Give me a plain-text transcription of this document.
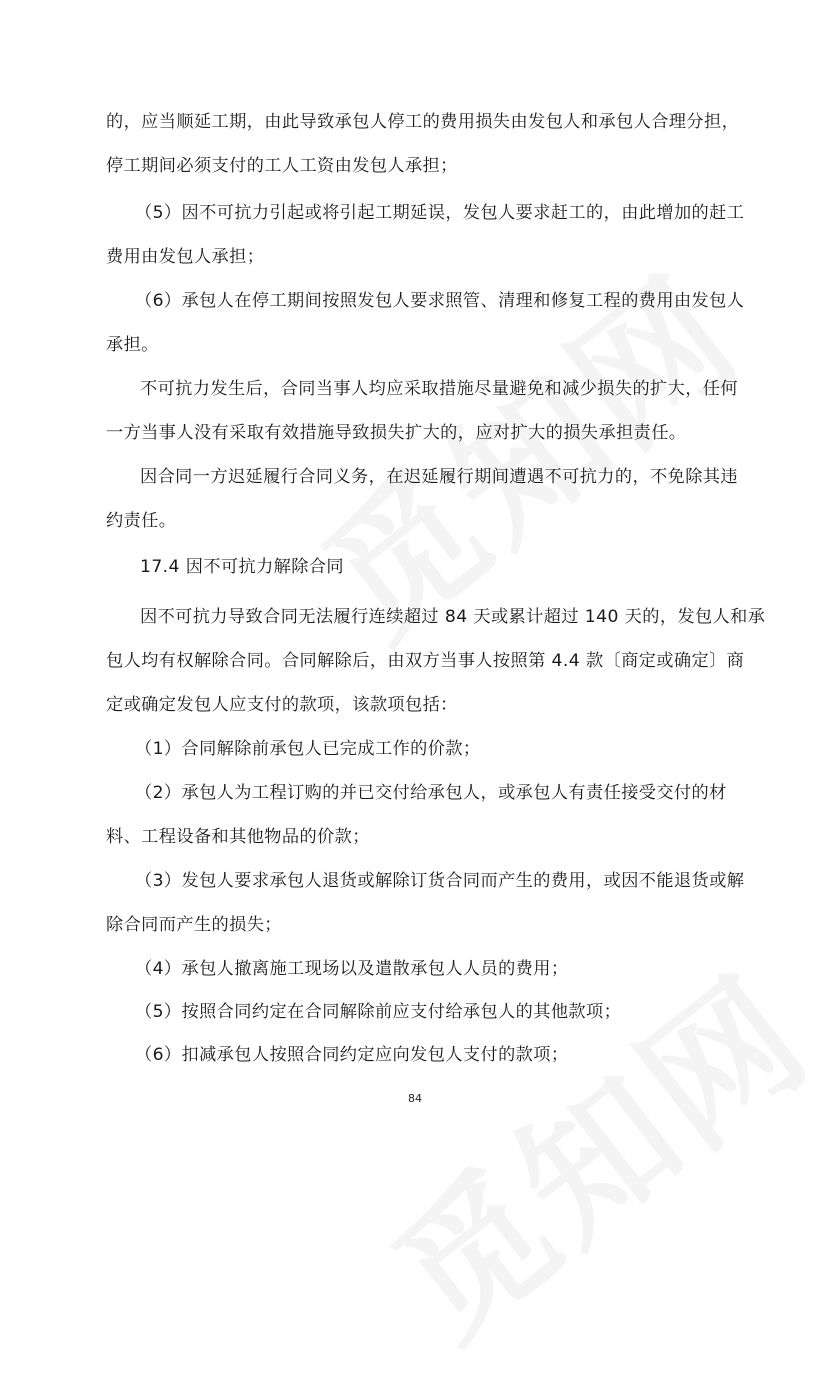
的，应当顺延工期，由此导致承包人停工的费用损失由发包人和承包人合理分担，
停工期间必须支付的工人工资由发包人承担；
（5）因不可抗力引起或将引起工期延误，发包人要求赶工的，由此增加的赶工
费用由发包人承担；
（6）承包人在停工期间按照发包人要求照管、清理和修复工程的费用由发包人
承担。
不可抗力发生后，合同当事人均应采取措施尽量避免和减少损失的扩大，任何
一方当事人没有采取有效措施导致损失扩大的，应对扩大的损失承担责任。
因合同一方迟延履行合同义务，在迟延履行期间遭遇不可抗力的，不免除其违
约责任。
17.4 因不可抗力解除合同
因不可抗力导致合同无法履行连续超过 84 天或累计超过 140 天的，发包人和承
包人均有权解除合同。合同解除后，由双方当事人按照第 4.4 款〔商定或确定〕商
定或确定发包人应支付的款项，该款项包括：
（1）合同解除前承包人已完成工作的价款；
（2）承包人为工程订购的并已交付给承包人，或承包人有责任接受交付的材
料、工程设备和其他物品的价款；
（3）发包人要求承包人退货或解除订货合同而产生的费用，或因不能退货或解
除合同而产生的损失；
（4）承包人撤离施工现场以及遣散承包人人员的费用；
（5）按照合同约定在合同解除前应支付给承包人的其他款项；
（6）扣减承包人按照合同约定应向发包人支付的款项；
84
